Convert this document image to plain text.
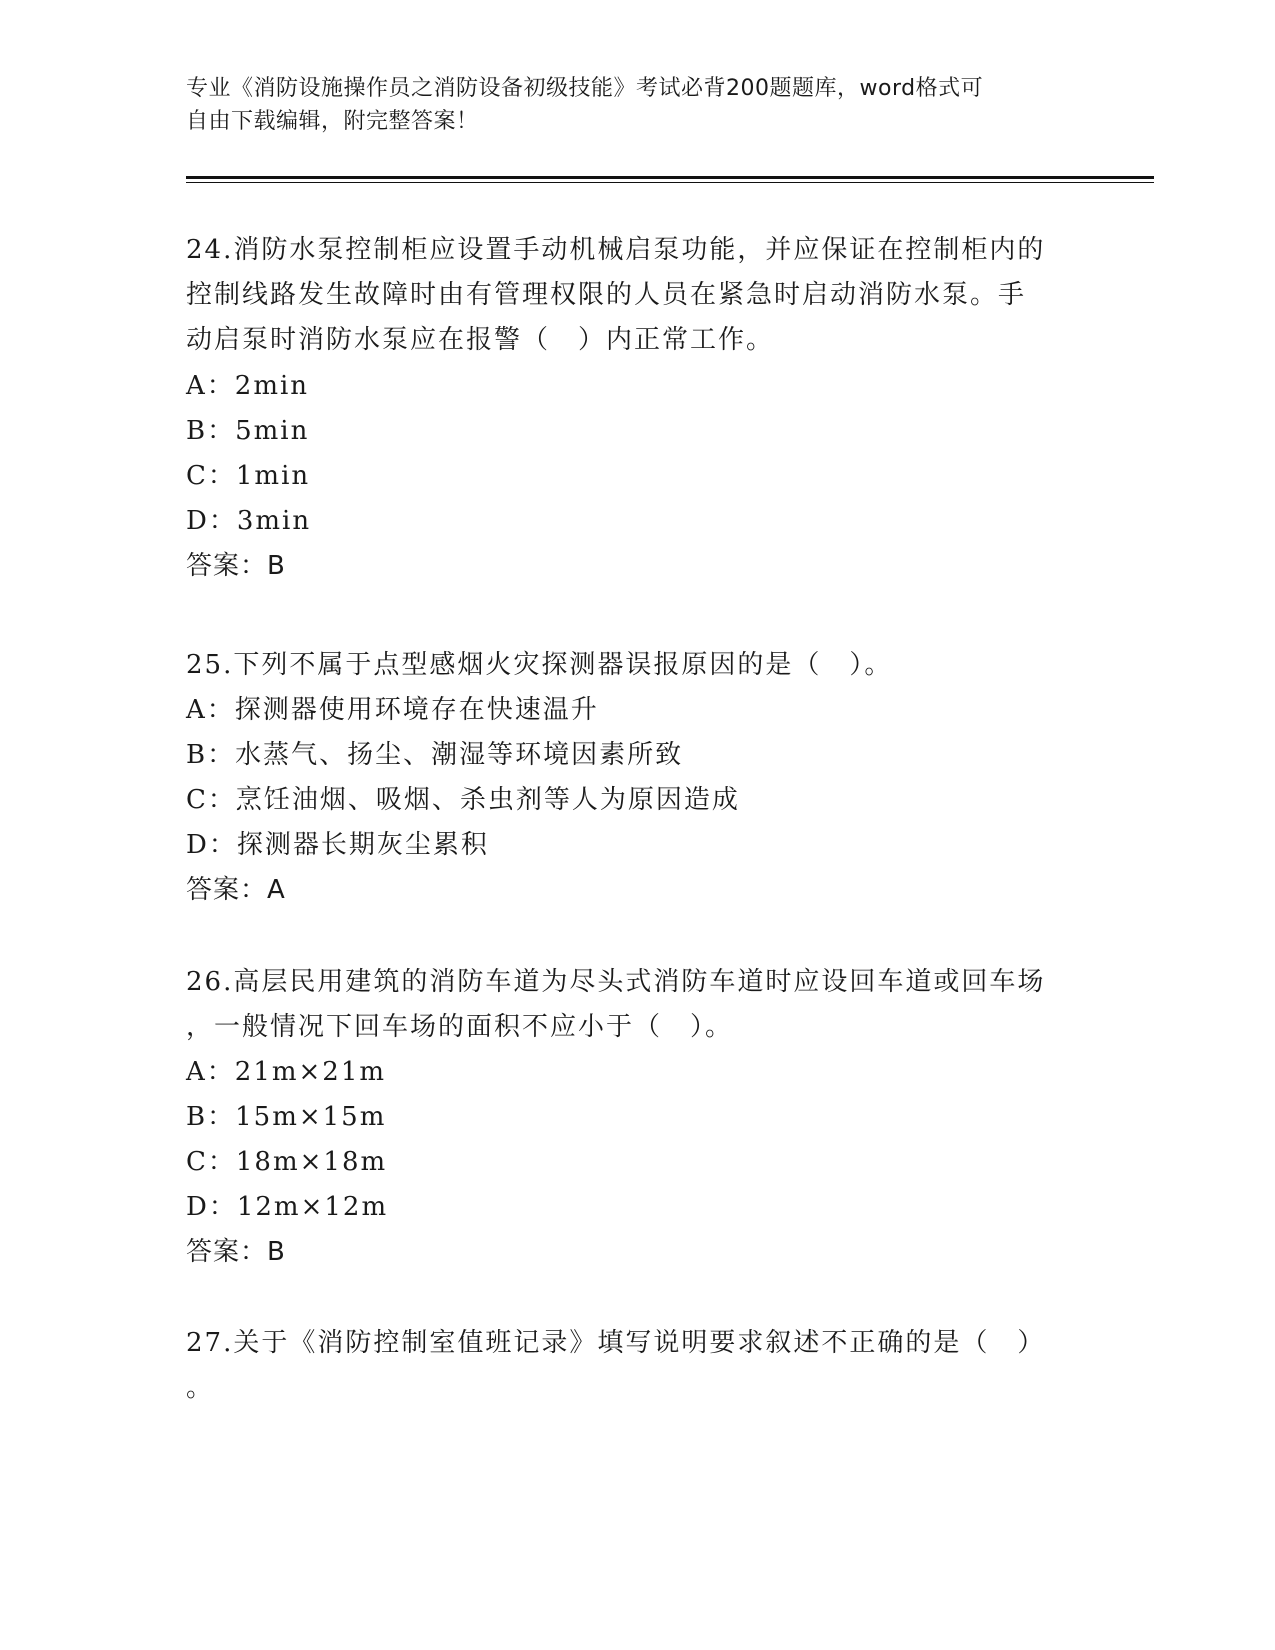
专业《消防设施操作员之消防设备初级技能》考试必背200题题库，word格式可
自由下载编辑，附完整答案！
24.消防水泵控制柜应设置手动机械启泵功能，并应保证在控制柜内的
控制线路发生故障时由有管理权限的人员在紧急时启动消防水泵。手
动启泵时消防水泵应在报警（　）内正常工作。
A：2min
B：5min
C：1min
D：3min
答案：B
25.下列不属于点型感烟火灾探测器误报原因的是（　）。
A：探测器使用环境存在快速温升
B：水蒸气、扬尘、潮湿等环境因素所致
C：烹饪油烟、吸烟、杀虫剂等人为原因造成
D：探测器长期灰尘累积
答案：A
26.高层民用建筑的消防车道为尽头式消防车道时应设回车道或回车场
，一般情况下回车场的面积不应小于（　）。
A：21m×21m
B：15m×15m
C：18m×18m
D：12m×12m
答案：B
27.关于《消防控制室值班记录》填写说明要求叙述不正确的是（　）
。
